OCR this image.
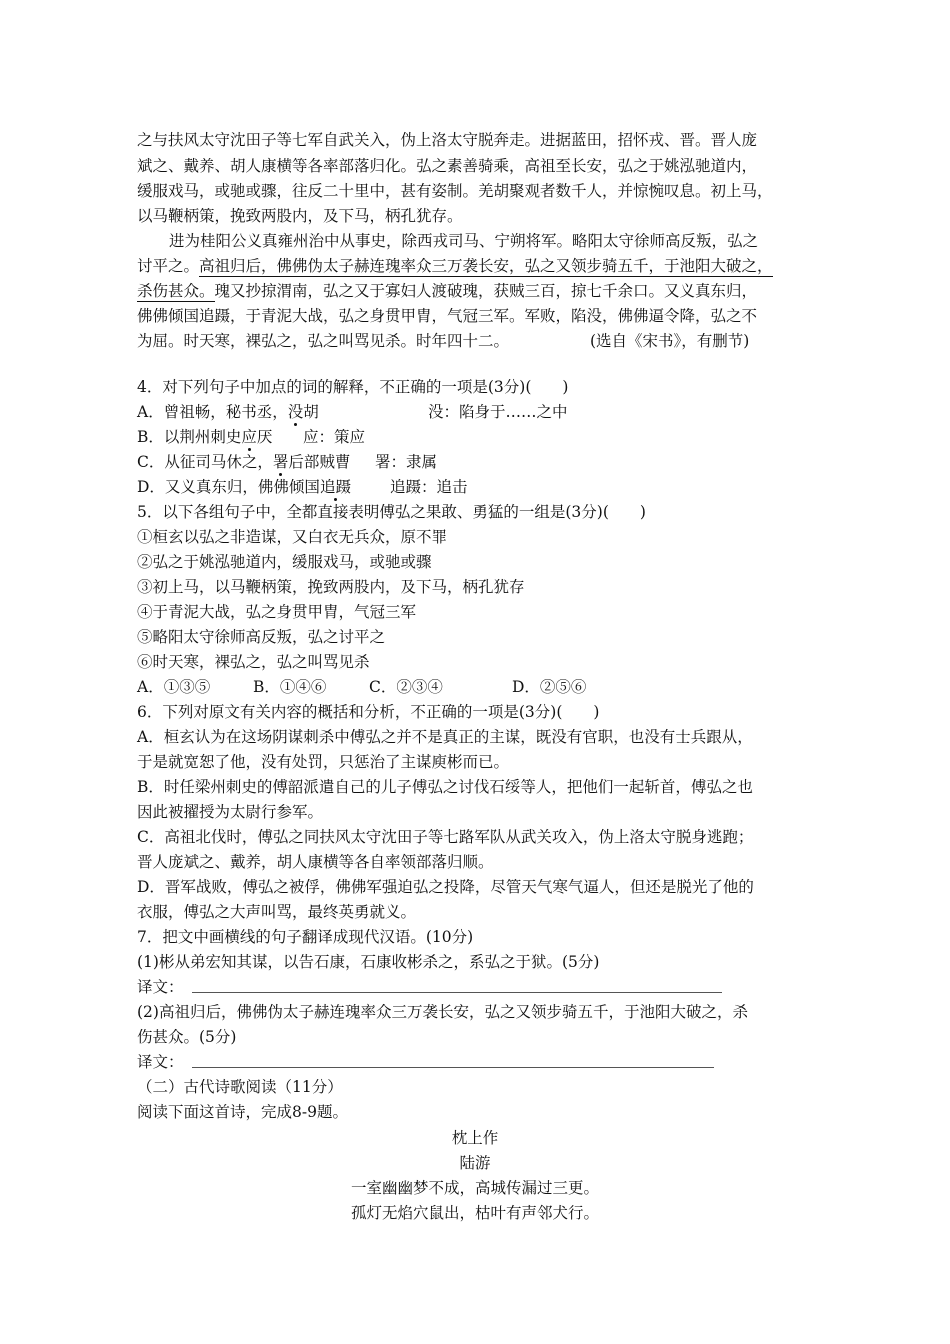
之与扶风太守沈田子等七军自武关入，伪上洛太守脱奔走。进据蓝田，招怀戎、晋。晋人庞
斌之、戴养、胡人康横等各率部落归化。弘之素善骑乘，高祖至长安，弘之于姚泓驰道内，
缓服戏马，或驰或骤，往反二十里中，甚有姿制。羌胡聚观者数千人，并惊惋叹息。初上马，
以马鞭柄策，挽致两股内，及下马，柄孔犹存。
进为桂阳公义真雍州治中从事史，除西戎司马、宁朔将军。略阳太守徐师高反叛，弘之
讨平之。高祖归后，佛佛伪太子赫连瑰率众三万袭长安，弘之又领步骑五千，于池阳大破之，
杀伤甚众。瑰又抄掠渭南，弘之又于寡妇人渡破瑰，获贼三百，掠七千余口。又义真东归，
佛佛倾国追蹑，于青泥大战，弘之身贯甲胄，气冠三军。军败，陷没，佛佛逼令降，弘之不
为屈。时天寒，裸弘之，弘之叫骂见杀。时年四十二。	(选自《宋书》，有删节)
4．对下列句子中加点的词的解释，不正确的一项是(3分)(　　)
A．曾祖畅，秘书丞，没胡	没：陷身于……之中
B．以荆州刺史应厌 应：策应
C．从征司马休之，署后部贼曹 署：隶属
D．又义真东归，佛佛倾国追蹑	追蹑：追击
5．以下各组句子中，全都直接表明傅弘之果敢、勇猛的一组是(3分)(　　)
①桓玄以弘之非造谋，又白衣无兵众，原不罪
②弘之于姚泓驰道内，缓服戏马，或驰或骤
③初上马，以马鞭柄策，挽致两股内，及下马，柄孔犹存
④于青泥大战，弘之身贯甲胄，气冠三军
⑤略阳太守徐师高反叛，弘之讨平之
⑥时天寒，裸弘之，弘之叫骂见杀
A．①③⑤	B．①④⑥	C．②③④	D．②⑤⑥
6．下列对原文有关内容的概括和分析，不正确的一项是(3分)(　　)
A．桓玄认为在这场阴谋刺杀中傅弘之并不是真正的主谋，既没有官职，也没有士兵跟从，
于是就宽恕了他，没有处罚，只惩治了主谋庾彬而已。
B．时任梁州刺史的傅韶派遣自己的儿子傅弘之讨伐石绥等人，把他们一起斩首，傅弘之也
因此被擢授为太尉行参军。
C．高祖北伐时，傅弘之同扶风太守沈田子等七路军队从武关攻入，伪上洛太守脱身逃跑；
晋人庞斌之、戴养，胡人康横等各自率领部落归顺。
D．晋军战败，傅弘之被俘，佛佛军强迫弘之投降，尽管天气寒气逼人，但还是脱光了他的
衣服，傅弘之大声叫骂，最终英勇就义。
7．把文中画横线的句子翻译成现代汉语。(10分)
(1)彬从弟宏知其谋，以告石康，石康收彬杀之，系弘之于狱。(5分)
译文：
(2)高祖归后，佛佛伪太子赫连瑰率众三万袭长安，弘之又领步骑五千，于池阳大破之，杀
伤甚众。(5分)
译文：
（二）古代诗歌阅读（11分）
阅读下面这首诗，完成8-9题。
枕上作
陆游
一室幽幽梦不成，高城传漏过三更。
孤灯无焰穴鼠出，枯叶有声邻犬行。
